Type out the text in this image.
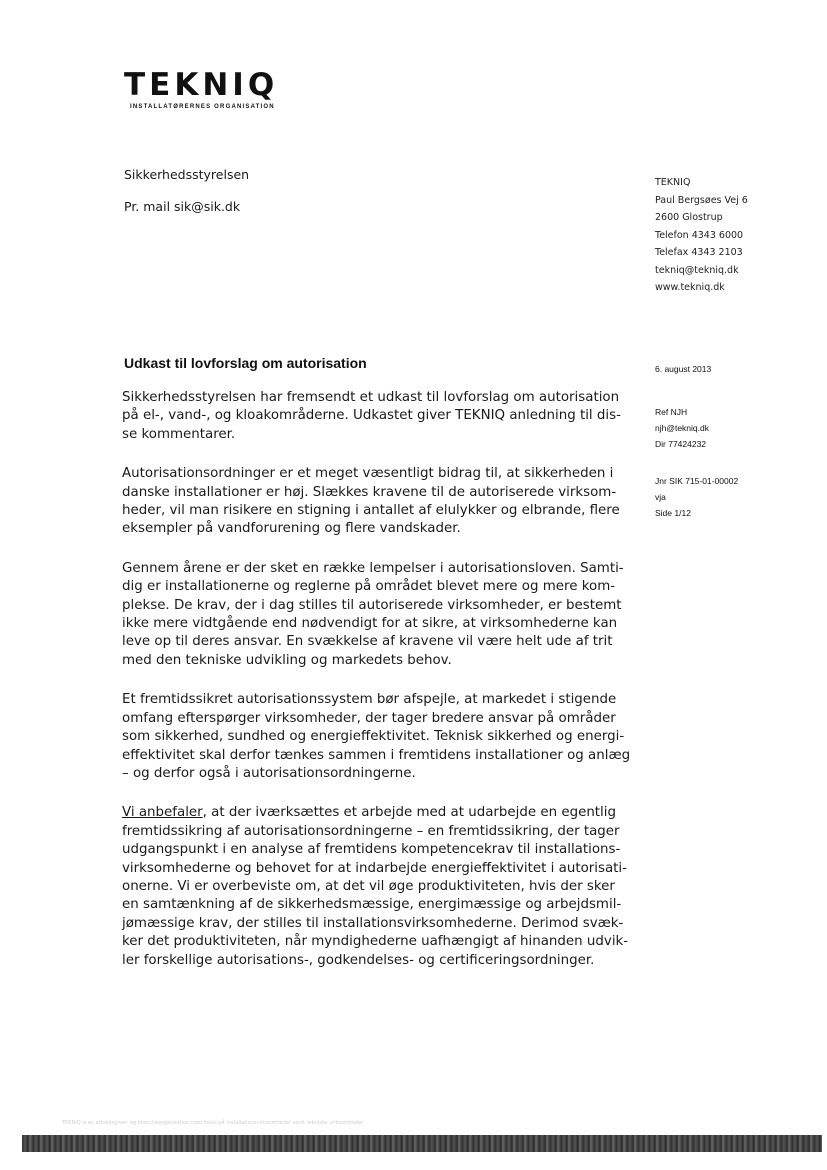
TEKNIQ
INSTALLATØRERNES ORGANISATION
Sikkerhedsstyrelsen
Pr. mail sik@sik.dk
TEKNIQ
Paul Bergsøes Vej 6
2600 Glostrup
Telefon 4343 6000
Telefax 4343 2103
tekniq@tekniq.dk
www.tekniq.dk
Udkast til lovforslag om autorisation	6. august 2013
Ref NJH
njh@tekniq.dk
Dir 77424232
Jnr SIK 715-01-00002
vja
Side 1/12

Sikkerhedsstyrelsen har fremsendt et udkast til lovforslag om autorisation
på el-, vand-, og kloakområderne. Udkastet giver TEKNIQ anledning til dis-
se kommentarer.

Autorisationsordninger er et meget væsentligt bidrag til, at sikkerheden i
danske installationer er høj. Slækkes kravene til de autoriserede virksom-
heder, vil man risikere en stigning i antallet af elulykker og elbrande, flere
eksempler på vandforurening og flere vandskader.

Gennem årene er der sket en række lempelser i autorisationsloven. Samti-
dig er installationerne og reglerne på området blevet mere og mere kom-
plekse. De krav, der i dag stilles til autoriserede virksomheder, er bestemt
ikke mere vidtgående end nødvendigt for at sikre, at virksomhederne kan
leve op til deres ansvar. En svækkelse af kravene vil være helt ude af trit
med den tekniske udvikling og markedets behov.

Et fremtidssikret autorisationssystem bør afspejle, at markedet i stigende
omfang efterspørger virksomheder, der tager bredere ansvar på områder
som sikkerhed, sundhed og energieffektivitet. Teknisk sikkerhed og energi-
effektivitet skal derfor tænkes sammen i fremtidens installationer og anlæg
– og derfor også i autorisationsordningerne.

Vi anbefaler, at der iværksættes et arbejde med at udarbejde en egentlig
fremtidssikring af autorisationsordningerne – en fremtidssikring, der tager
udgangspunkt i en analyse af fremtidens kompetencekrav til installations-
virksomhederne og behovet for at indarbejde energieffektivitet i autorisati-
onerne. Vi er overbeviste om, at det vil øge produktiviteten, hvis der sker
en samtænkning af de sikkerhedsmæssige, energimæssige og arbejdsmil-
jømæssige krav, der stilles til installationsvirksomhederne. Derimod svæk-
ker det produktiviteten, når myndighederne uafhængigt af hinanden udvik-
ler forskellige autorisations-, godkendelses- og certificeringsordninger.

TEKNIQ is en arbejdsgiver- og brancheorganisation med fokus på installationsvirksomheder samt tekniske virksomheder
